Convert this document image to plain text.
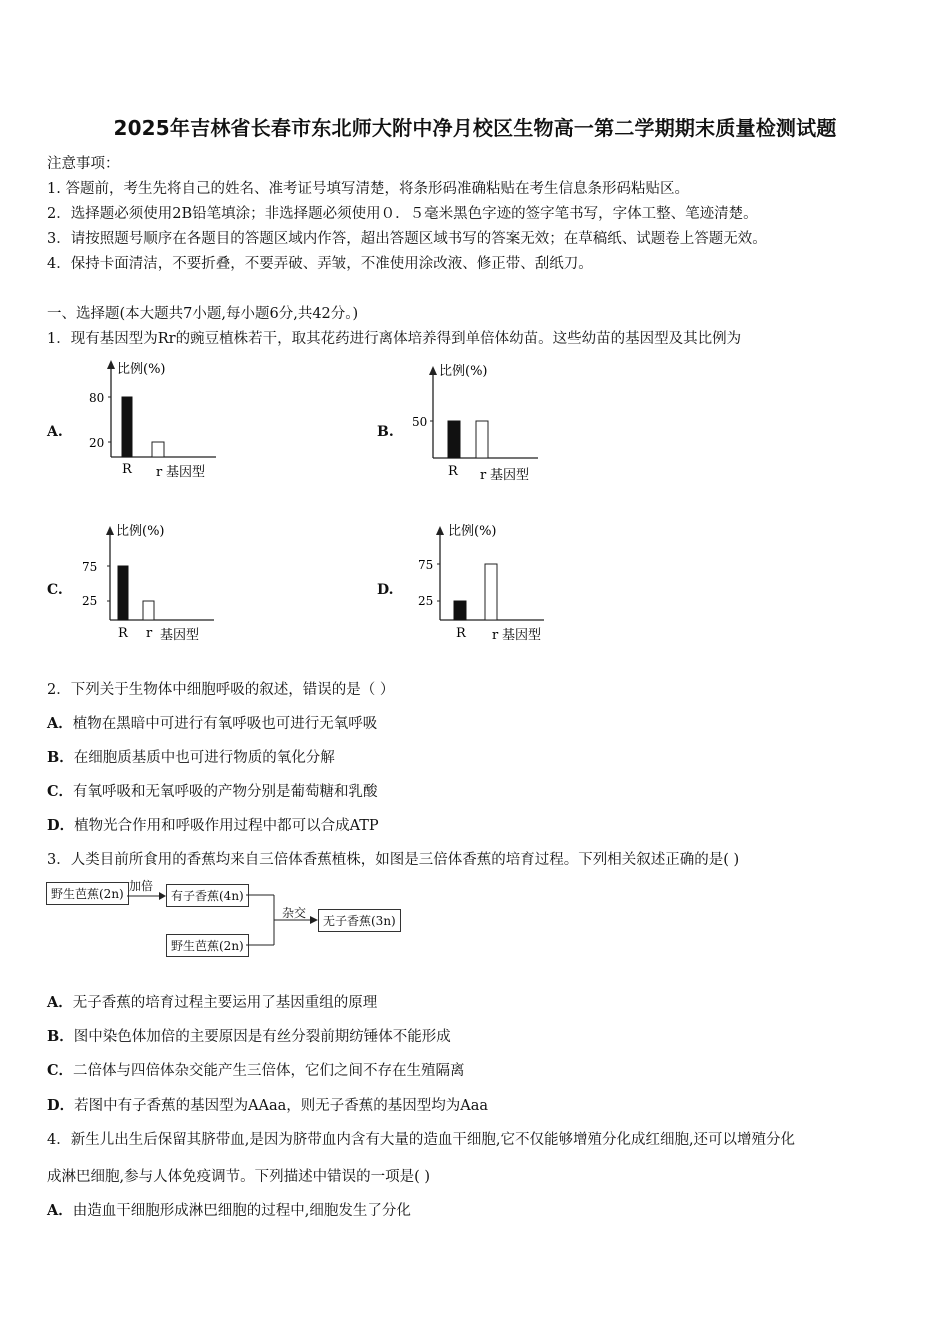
2025年吉林省长春市东北师大附中净月校区生物高一第二学期期末质量检测试题
注意事项：
1. 答题前，考生先将自己的姓名、准考证号填写清楚，将条形码准确粘贴在考生信息条形码粘贴区。
2．选择题必须使用2B铅笔填涂；非选择题必须使用０．５毫米黑色字迹的签字笔书写，字体工整、笔迹清楚。
3．请按照题号顺序在各题目的答题区域内作答，超出答题区域书写的答案无效；在草稿纸、试题卷上答题无效。
4．保持卡面清洁，不要折叠，不要弄破、弄皱，不准使用涂改液、修正带、刮纸刀。
一、选择题(本大题共7小题,每小题6分,共42分。)
1．现有基因型为Rr的豌豆植株若干，取其花药进行离体培养得到单倍体幼苗。这些幼苗的基因型及其比例为
A.	B.
C.	D.
比例(%)
80
20
R r 基因型
比例(%)
50
R r 基因型
比例(%)
75
25
R r 基因型
比例(%)
75
25
R r 基因型
2．下列关于生物体中细胞呼吸的叙述，错误的是（ ）
A．植物在黑暗中可进行有氧呼吸也可进行无氧呼吸
B．在细胞质基质中也可进行物质的氧化分解
C．有氧呼吸和无氧呼吸的产物分别是葡萄糖和乳酸
D．植物光合作用和呼吸作用过程中都可以合成ATP
3．人类目前所食用的香蕉均来自三倍体香蕉植株，如图是三倍体香蕉的培育过程。下列相关叙述正确的是( )
野生芭蕉(2n)
加倍
有子香蕉(4n)
野生芭蕉(2n)
杂交
无子香蕉(3n)
A．无子香蕉的培育过程主要运用了基因重组的原理
B．图中染色体加倍的主要原因是有丝分裂前期纺锤体不能形成
C．二倍体与四倍体杂交能产生三倍体，它们之间不存在生殖隔离
D．若图中有子香蕉的基因型为AAaa，则无子香蕉的基因型均为Aaa
4．新生儿出生后保留其脐带血,是因为脐带血内含有大量的造血干细胞,它不仅能够增殖分化成红细胞,还可以增殖分化
成淋巴细胞,参与人体免疫调节。下列描述中错误的一项是( )
A．由造血干细胞形成淋巴细胞的过程中,细胞发生了分化
